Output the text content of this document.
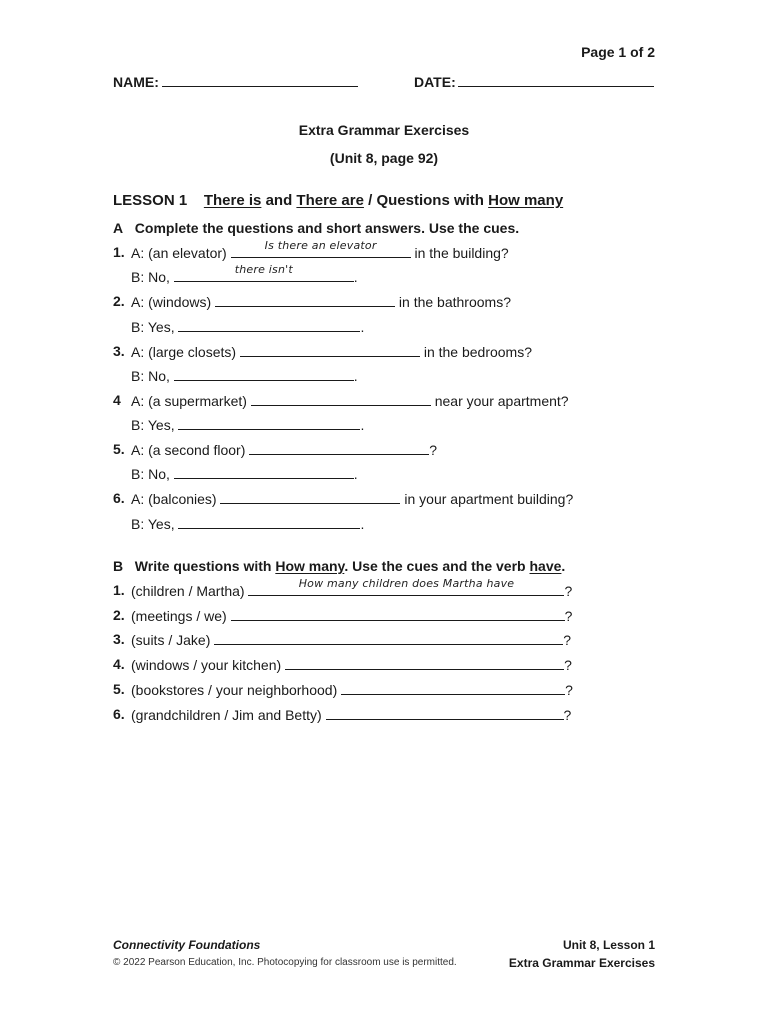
Page 1 of 2
NAME:	DATE:
Extra Grammar Exercises
(Unit 8, page 92)
LESSON 1 There is and There are / Questions with How many
A Complete the questions and short answers. Use the cues.
1. A: (an elevator)	Is there an elevator	in the building?
B: No,	there isn't	.
2. A: (windows)	in the bathrooms?
B: Yes,	.
3. A: (large closets)	in the bedrooms?
B: No,	.
4 A: (a supermarket)	near your apartment?
B: Yes,	.
5. A: (a second floor)	?
B: No,	.
6. A: (balconies)	in your apartment building?
B: Yes,	.
B Write questions with How many. Use the cues and the verb have.
1. (children / Martha)	How many children does Martha have	?
2. (meetings / we)	?
3. (suits / Jake)	?
4. (windows / your kitchen)	?
5. (bookstores / your neighborhood)	?
6. (grandchildren / Jim and Betty)	?
Connectivity Foundations
© 2022 Pearson Education, Inc. Photocopying for classroom use is permitted.
Unit 8, Lesson 1
Extra Grammar Exercises
